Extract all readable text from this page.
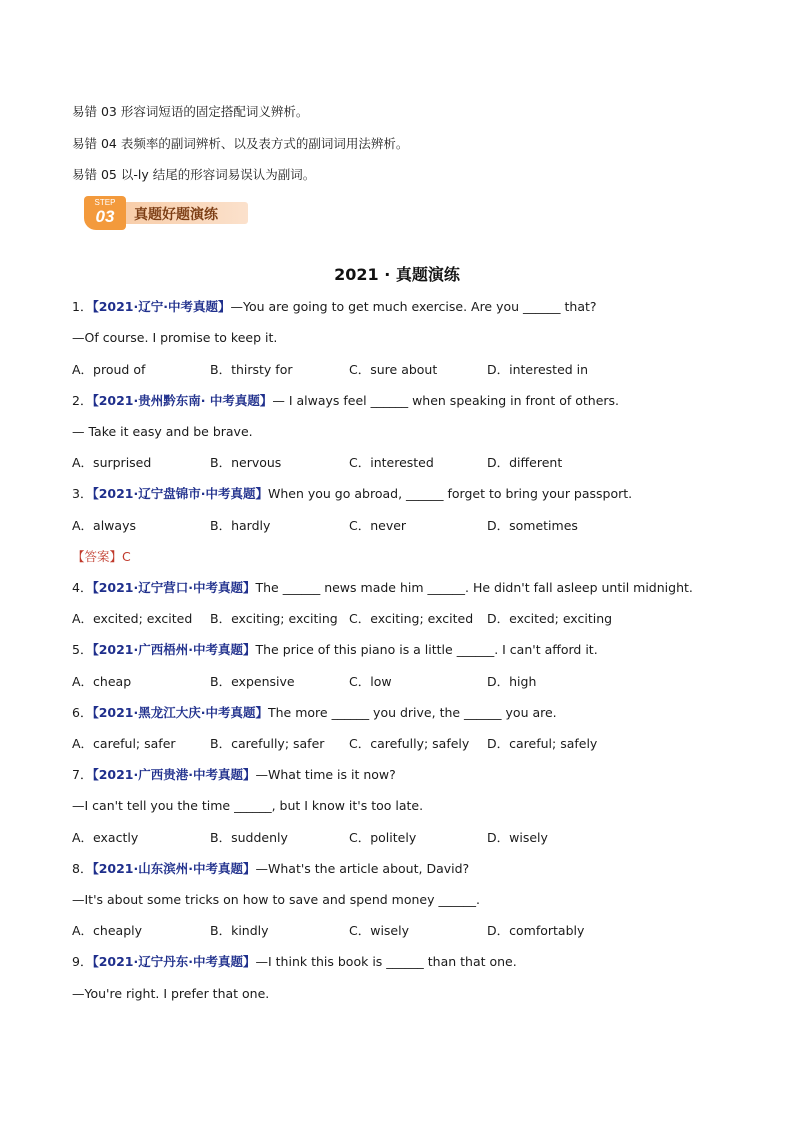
易错 03 形容词短语的固定搭配词义辨析。
易错 04 表频率的副词辨析、以及表方式的副词词用法辨析。
易错 05 以-ly 结尾的形容词易误认为副词。
STEP
03	真题好题演练
2021 · 真题演练
1．【2021·辽宁·中考真题】—You are going to get much exercise. Are you ______ that?
—Of course. I promise to keep it.
A．proud of	B．thirsty for	C．sure about	D．interested in
2．【2021·贵州黔东南· 中考真题】— I always feel ______ when speaking in front of others.
— Take it easy and be brave.
A．surprised	B．nervous	C．interested	D．different
3．【2021·辽宁盘锦市·中考真题】When you go abroad, ______ forget to bring your passport.
A．always	B．hardly	C．never	D．sometimes
【答案】C
4．【2021·辽宁营口·中考真题】The ______ news made him ______. He didn't fall asleep until midnight.
A．excited; excited B．exciting; exciting C．exciting; excited D．excited; exciting
5．【2021·广西梧州·中考真题】The price of this piano is a little ______. I can't afford it.
A．cheap	B．expensive	C．low	D．high
6．【2021·黑龙江大庆·中考真题】The more ______ you drive, the ______ you are.
A．careful; safer	B．carefully; safer C．carefully; safely D．careful; safely
7．【2021·广西贵港·中考真题】—What time is it now?
—I can't tell you the time ______, but I know it's too late.
A．exactly	B．suddenly	C．politely	D．wisely
8．【2021·山东滨州·中考真题】—What's the article about, David?
—It's about some tricks on how to save and spend money ______.
A．cheaply	B．kindly	C．wisely	D．comfortably
9．【2021·辽宁丹东·中考真题】—I think this book is ______ than that one.
—You're right. I prefer that one.
